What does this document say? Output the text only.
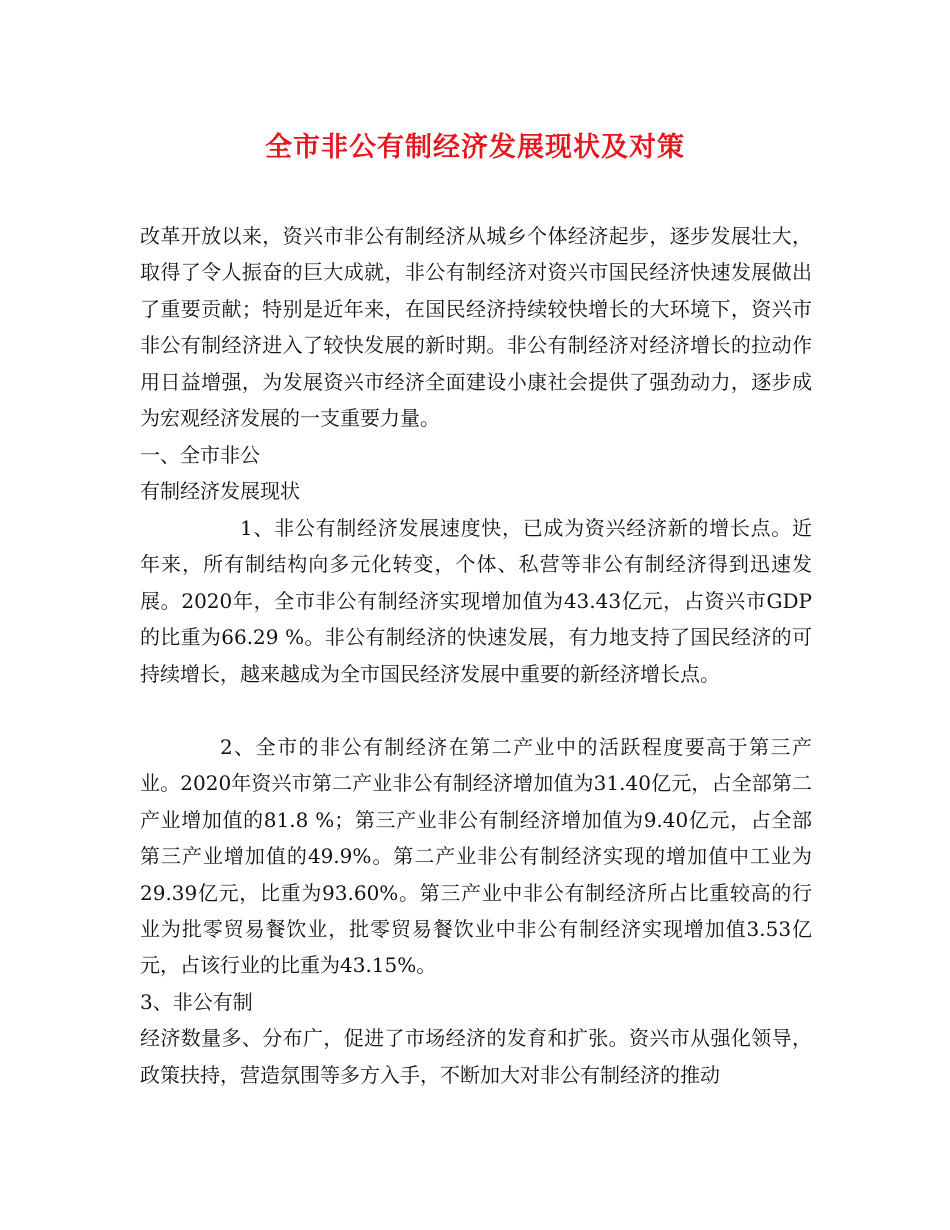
全市非公有制经济发展现状及对策

改革开放以来，资兴市非公有制经济从城乡个体经济起步，逐步发展壮大，取得了令人振奋的巨大成就，非公有制经济对资兴市国民经济快速发展做出了重要贡献；特别是近年来，在国民经济持续较快增长的大环境下，资兴市非公有制经济进入了较快发展的新时期。非公有制经济对经济增长的拉动作用日益增强，为发展资兴市经济全面建设小康社会提供了强劲动力，逐步成为宏观经济发展的一支重要力量。

一、全市非公
有制经济发展现状

1、非公有制经济发展速度快，已成为资兴经济新的增长点。近年来，所有制结构向多元化转变，个体、私营等非公有制经济得到迅速发展。2020年，全市非公有制经济实现增加值为43.43亿元，占资兴市GDP的比重为66.29 %。非公有制经济的快速发展，有力地支持了国民经济的可持续增长，越来越成为全市国民经济发展中重要的新经济增长点。

2、全市的非公有制经济在第二产业中的活跃程度要高于第三产业。2020年资兴市第二产业非公有制经济增加值为31.40亿元，占全部第二产业增加值的81.8 %；第三产业非公有制经济增加值为9.40亿元，占全部第三产业增加值的49.9%。第二产业非公有制经济实现的增加值中工业为29.39亿元，比重为93.60%。第三产业中非公有制经济所占比重较高的行业为批零贸易餐饮业，批零贸易餐饮业中非公有制经济实现增加值3.53亿元，占该行业的比重为43.15%。

3、非公有制
经济数量多、分布广，促进了市场经济的发育和扩张。资兴市从强化领导，政策扶持，营造氛围等多方入手，不断加大对非公有制经济的推动
